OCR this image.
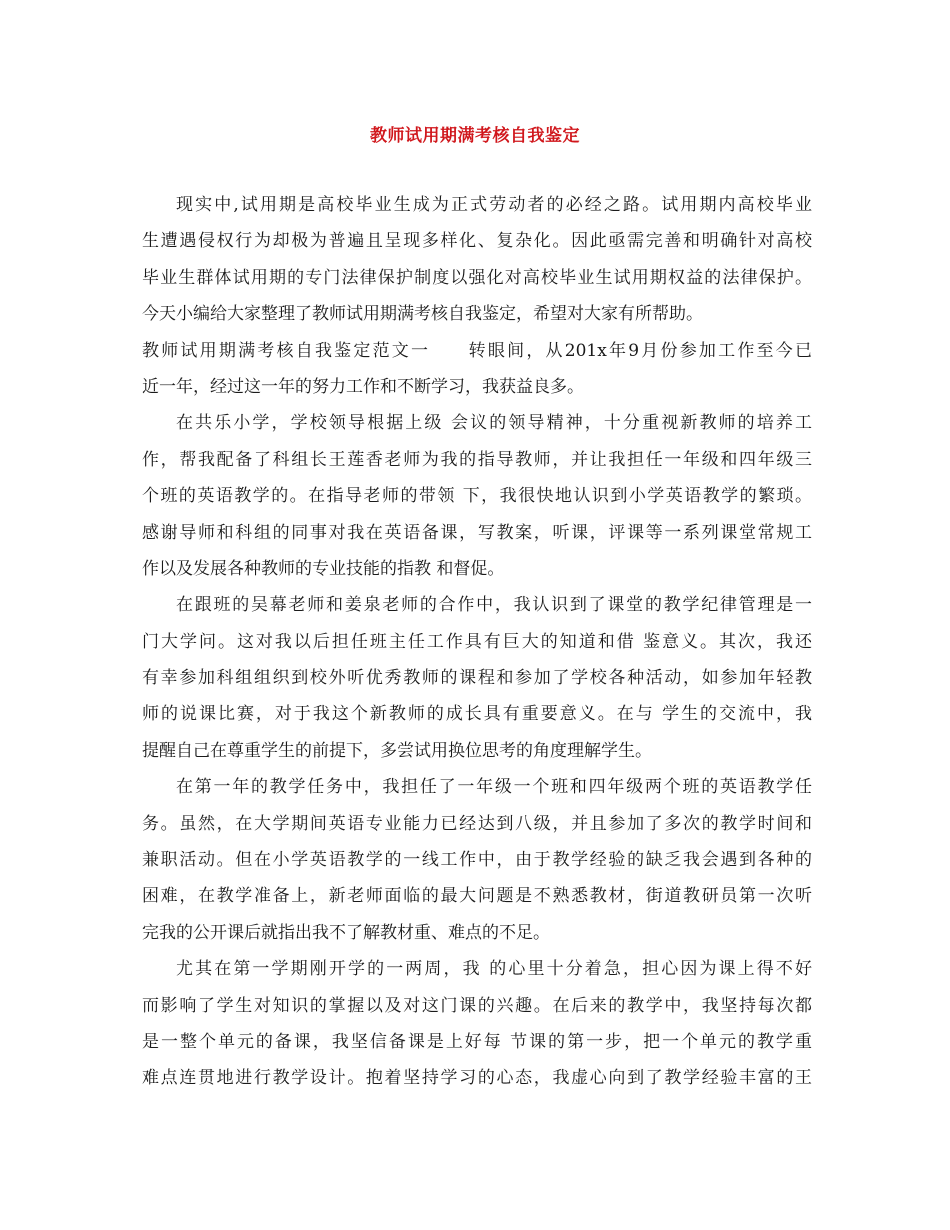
教师试用期满考核自我鉴定
现实中,试用期是高校毕业生成为正式劳动者的必经之路。试用期内高校毕业
生遭遇侵权行为却极为普遍且呈现多样化、复杂化。因此亟需完善和明确针对高校
毕业生群体试用期的专门法律保护制度以强化对高校毕业生试用期权益的法律保护。
今天小编给大家整理了教师试用期满考核自我鉴定，希望对大家有所帮助。
教师试用期满考核自我鉴定范文一　　转眼间，从201x年9月份参加工作至今已
近一年，经过这一年的努力工作和不断学习，我获益良多。
在共乐小学，学校领导根据上级 会议的领导精神，十分重视新教师的培养工
作，帮我配备了科组长王莲香老师为我的指导教师，并让我担任一年级和四年级三
个班的英语教学的。在指导老师的带领 下，我很快地认识到小学英语教学的繁琐。
感谢导师和科组的同事对我在英语备课，写教案，听课，评课等一系列课堂常规工
作以及发展各种教师的专业技能的指教 和督促。
在跟班的吴幕老师和姜泉老师的合作中，我认识到了课堂的教学纪律管理是一
门大学问。这对我以后担任班主任工作具有巨大的知道和借 鉴意义。其次，我还
有幸参加科组组织到校外听优秀教师的课程和参加了学校各种活动，如参加年轻教
师的说课比赛，对于我这个新教师的成长具有重要意义。在与 学生的交流中，我
提醒自己在尊重学生的前提下，多尝试用换位思考的角度理解学生。
在第一年的教学任务中，我担任了一年级一个班和四年级两个班的英语教学任
务。虽然，在大学期间英语专业能力已经达到八级，并且参加了多次的教学时间和
兼职活动。但在小学英语教学的一线工作中，由于教学经验的缺乏我会遇到各种的
困难，在教学准备上，新老师面临的最大问题是不熟悉教材，街道教研员第一次听
完我的公开课后就指出我不了解教材重、难点的不足。
尤其在第一学期刚开学的一两周，我 的心里十分着急，担心因为课上得不好
而影响了学生对知识的掌握以及对这门课的兴趣。在后来的教学中，我坚持每次都
是一整个单元的备课，我坚信备课是上好每 节课的第一步，把一个单元的教学重
难点连贯地进行教学设计。抱着坚持学习的心态，我虚心向到了教学经验丰富的王
